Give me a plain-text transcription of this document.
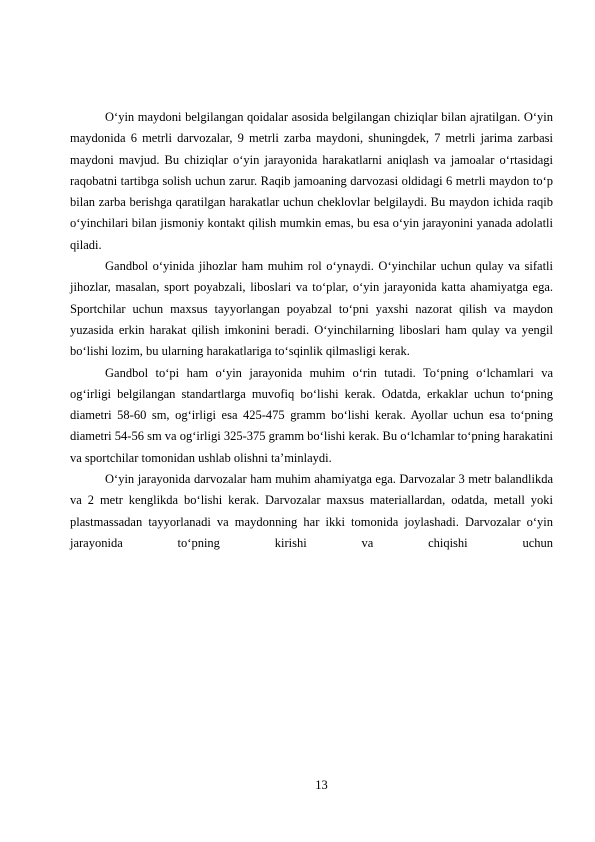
O‘yin maydoni belgilangan qoidalar asosida belgilangan chiziqlar bilan ajratilgan. O‘yin maydonida 6 metrli darvozalar, 9 metrli zarba maydoni, shuningdek, 7 metrli jarima zarbasi maydoni mavjud. Bu chiziqlar o‘yin jarayonida harakatlarni aniqlash va jamoalar o‘rtasidagi raqobatni tartibga solish uchun zarur. Raqib jamoaning darvozasi oldidagi 6 metrli maydon to‘p bilan zarba berishga qaratilgan harakatlar uchun cheklovlar belgilaydi. Bu maydon ichida raqib o‘yinchilari bilan jismoniy kontakt qilish mumkin emas, bu esa o‘yin jarayonini yanada adolatli qiladi.

Gandbol o‘yinida jihozlar ham muhim rol o‘ynaydi. O‘yinchilar uchun qulay va sifatli jihozlar, masalan, sport poyabzali, liboslari va to‘plar, o‘yin jarayonida katta ahamiyatga ega. Sportchilar uchun maxsus tayyorlangan poyabzal to‘pni yaxshi nazorat qilish va maydon yuzasida erkin harakat qilish imkonini beradi. O‘yinchilarning liboslari ham qulay va yengil bo‘lishi lozim, bu ularning harakatlariga to‘sqinlik qilmasligi kerak.

Gandbol to‘pi ham o‘yin jarayonida muhim o‘rin tutadi. To‘pning o‘lchamlari va og‘irligi belgilangan standartlarga muvofiq bo‘lishi kerak. Odatda, erkaklar uchun to‘pning diametri 58-60 sm, og‘irligi esa 425-475 gramm bo‘lishi kerak. Ayollar uchun esa to‘pning diametri 54-56 sm va og‘irligi 325-375 gramm bo‘lishi kerak. Bu o‘lchamlar to‘pning harakatini va sportchilar tomonidan ushlab olishni ta’minlaydi.

O‘yin jarayonida darvozalar ham muhim ahamiyatga ega. Darvozalar 3 metr balandlikda va 2 metr kenglikda bo‘lishi kerak. Darvozalar maxsus materiallardan, odatda, metall yoki plastmassadan tayyorlanadi va maydonning har ikki tomonida joylashadi. Darvozalar o‘yin jarayonida to‘pning kirishi va chiqishi uchun

13
